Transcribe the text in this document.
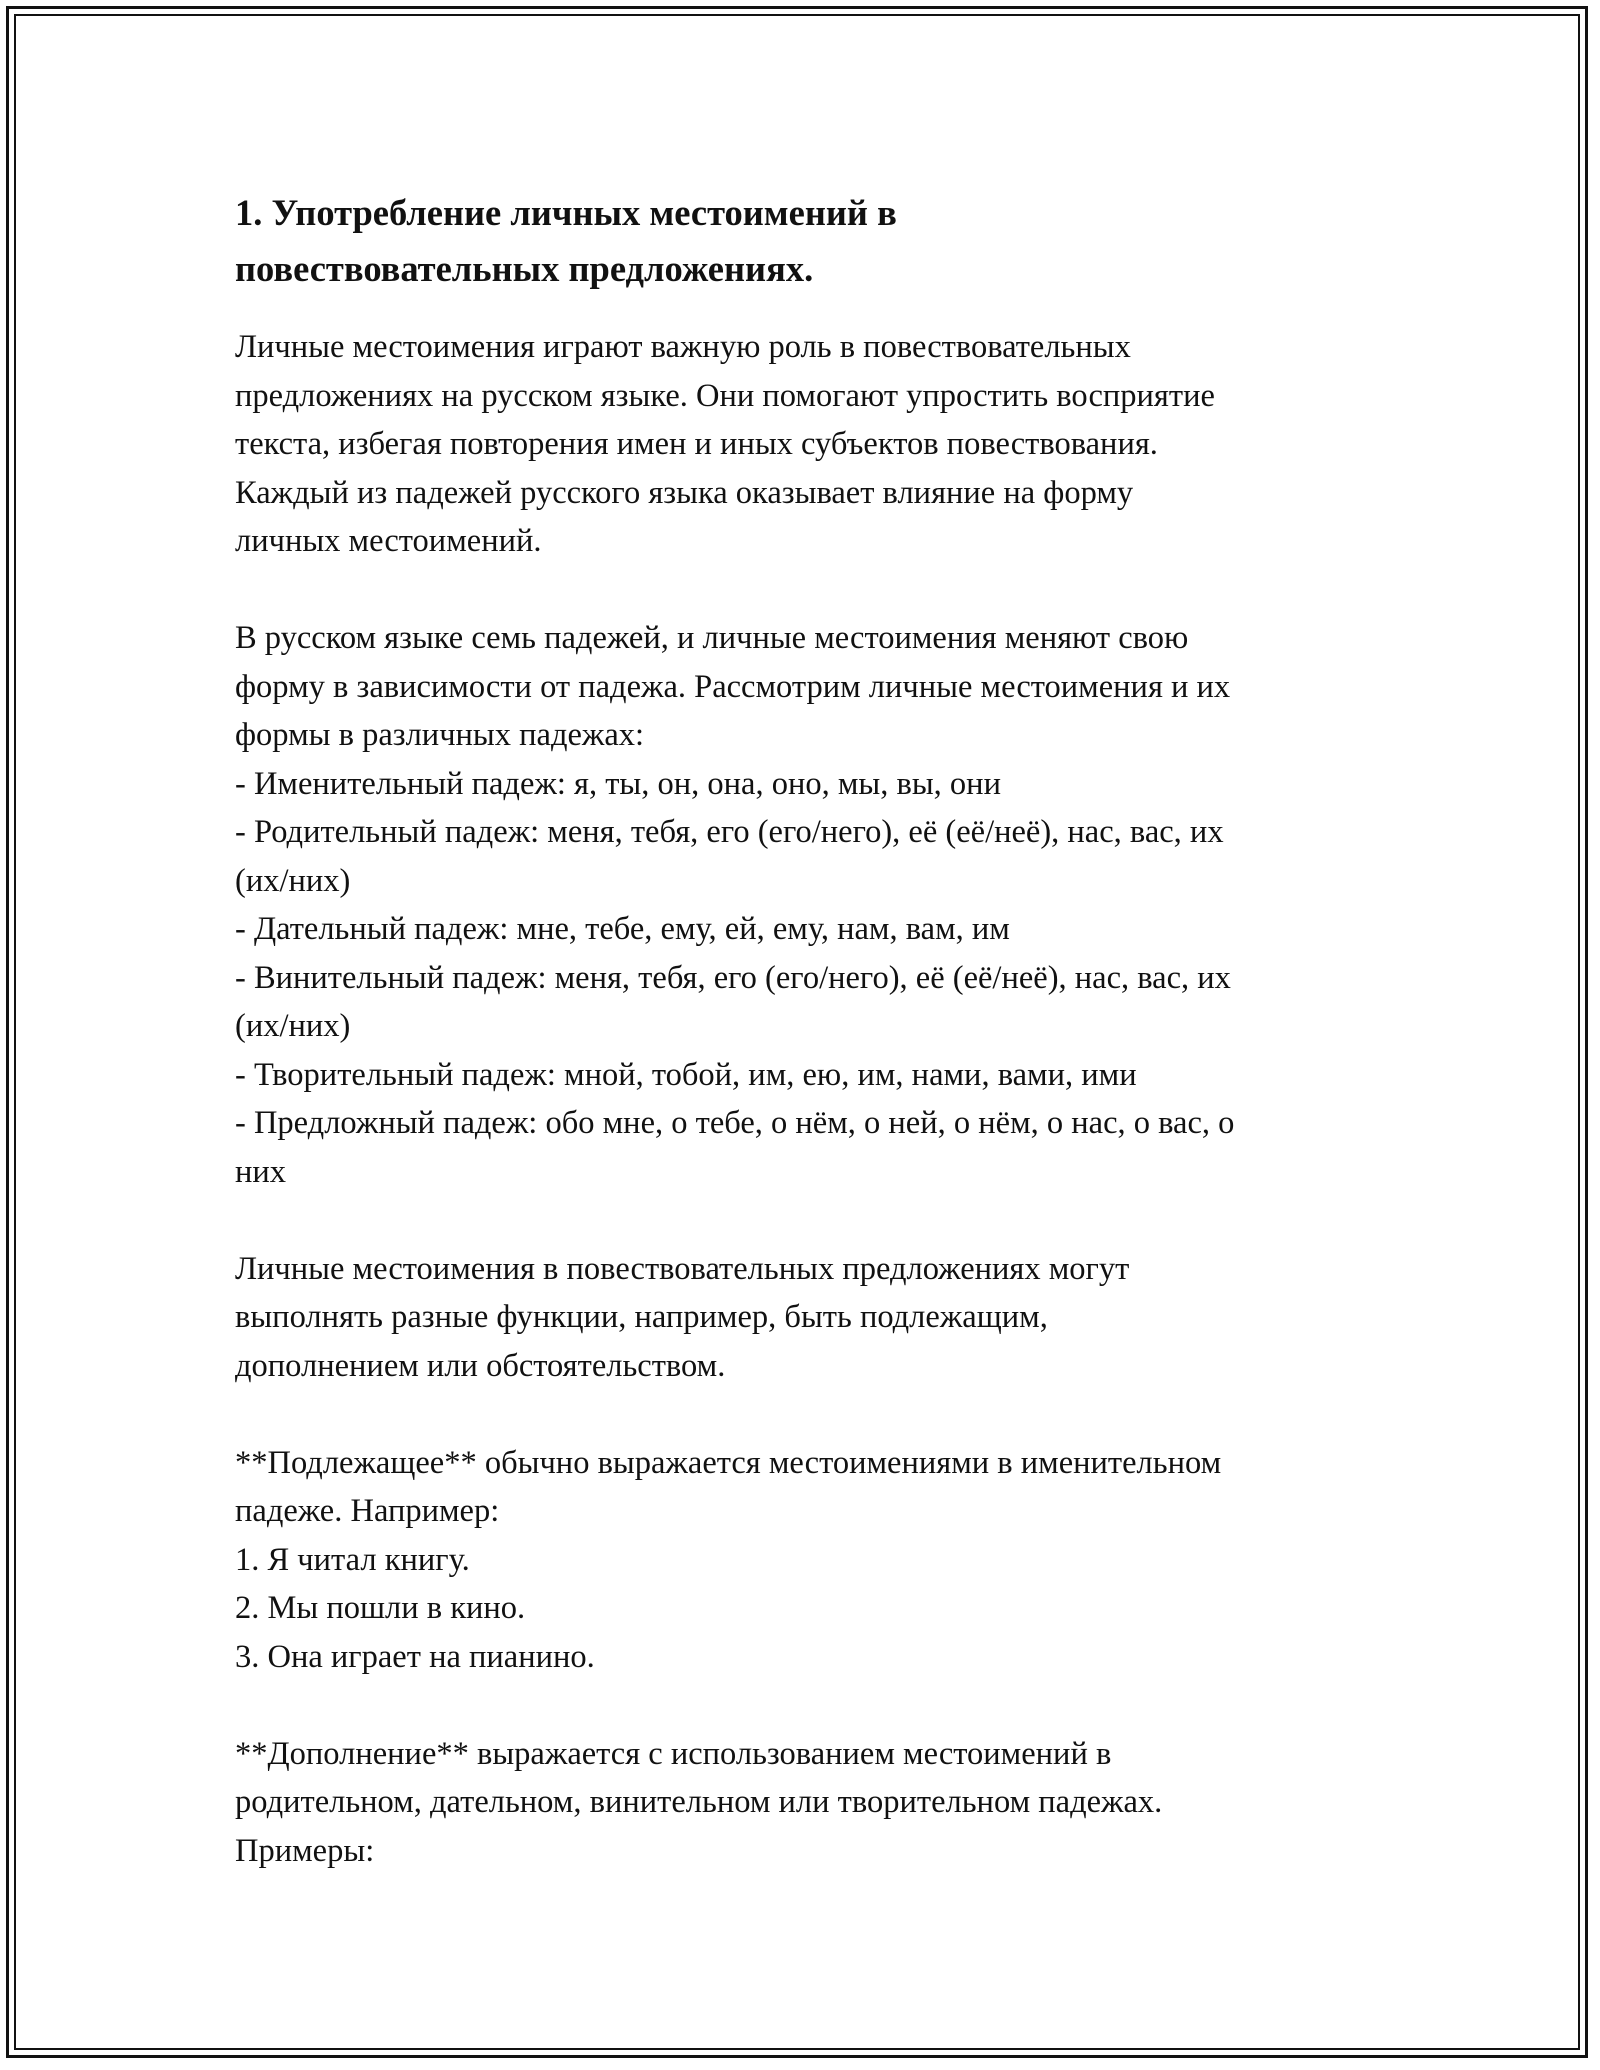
1. Употребление личных местоимений в
повествовательных предложениях.
Личные местоимения играют важную роль в повествовательных
предложениях на русском языке. Они помогают упростить восприятие
текста, избегая повторения имен и иных субъектов повествования.
Каждый из падежей русского языка оказывает влияние на форму
личных местоимений.
В русском языке семь падежей, и личные местоимения меняют свою
форму в зависимости от падежа. Рассмотрим личные местоимения и их
формы в различных падежах:
- Именительный падеж: я, ты, он, она, оно, мы, вы, они
- Родительный падеж: меня, тебя, его (его/него), её (её/неё), нас, вас, их
(их/них)
- Дательный падеж: мне, тебе, ему, ей, ему, нам, вам, им
- Винительный падеж: меня, тебя, его (его/него), её (её/неё), нас, вас, их
(их/них)
- Творительный падеж: мной, тобой, им, ею, им, нами, вами, ими
- Предложный падеж: обо мне, о тебе, о нём, о ней, о нём, о нас, о вас, о
них
Личные местоимения в повествовательных предложениях могут
выполнять разные функции, например, быть подлежащим,
дополнением или обстоятельством.
**Подлежащее** обычно выражается местоимениями в именительном
падеже. Например:
1. Я читал книгу.
2. Мы пошли в кино.
3. Она играет на пианино.
**Дополнение** выражается с использованием местоимений в
родительном, дательном, винительном или творительном падежах.
Примеры:
